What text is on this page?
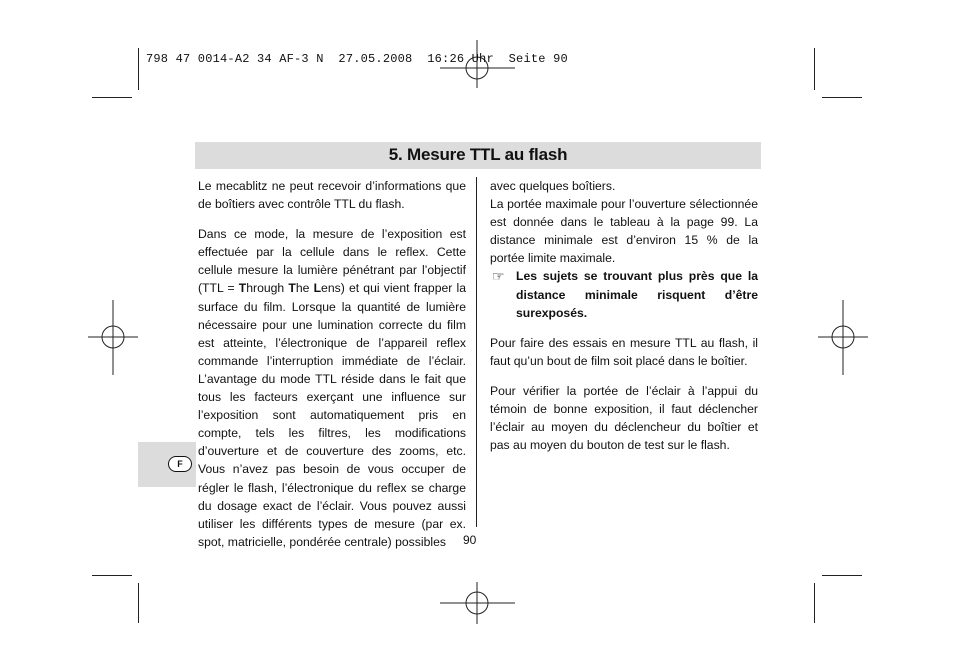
798 47 0014-A2 34 AF-3 N  27.05.2008  16:26 Uhr  Seite 90
5. Mesure TTL au flash

Le mecablitz ne peut recevoir d’informations que de boîtiers avec contrôle TTL du flash.

Dans ce mode, la mesure de l’exposition est effectuée par la cellule dans le reflex. Cette cellule mesure la lumière pénétrant par l’objectif (TTL = Through The Lens) et qui vient frapper la surface du film. Lorsque la quantité de lumière nécessaire pour une lumination correcte du film est atteinte, l’électronique de l’appareil reflex commande l’interruption immédiate de l’éclair. L’avantage du mode TTL réside dans le fait que tous les facteurs exerçant une influence sur l’exposition sont automatiquement pris en compte, tels les filtres, les modifications d’ouverture et de couverture des zooms, etc. Vous n’avez pas besoin de vous occuper de régler le flash, l’électronique du reflex se charge du dosage exact de l’éclair. Vous pouvez aussi utiliser les différents types de mesure (par ex. spot, matricielle, pondérée centrale) possibles

avec quelques boîtiers.

La portée maximale pour l’ouverture sélectionnée est donnée dans le tableau à la page 99. La distance minimale est d’environ 15 % de la portée limite maximale.

☞ Les sujets se trouvant plus près que la distance minimale risquent d’être surexposés.

Pour faire des essais en mesure TTL au flash, il faut qu’un bout de film soit placé dans le boîtier.

Pour vérifier la portée de l’éclair à l’appui du témoin de bonne exposition, il faut déclencher l’éclair au moyen du déclencheur du boîtier et pas au moyen du bouton de test sur le flash.

F
90
